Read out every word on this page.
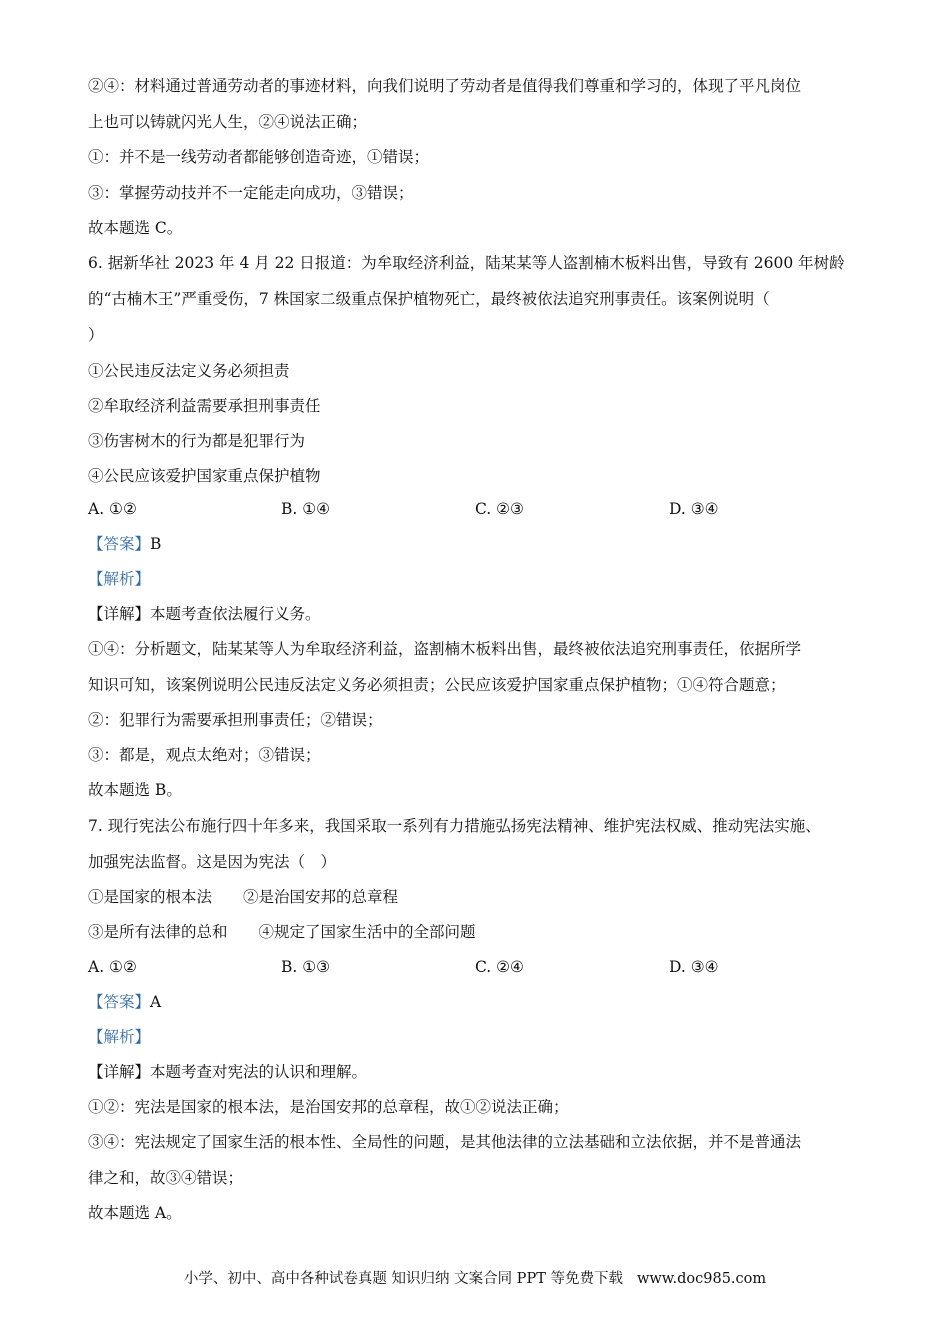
②④：材料通过普通劳动者的事迹材料，向我们说明了劳动者是值得我们尊重和学习的，体现了平凡岗位
上也可以铸就闪光人生，②④说法正确；
①：并不是一线劳动者都能够创造奇迹，①错误；
③：掌握劳动技并不一定能走向成功，③错误；
故本题选 C。
6. 据新华社 2023 年 4 月 22 日报道：为牟取经济利益，陆某某等人盗割楠木板料出售，导致有 2600 年树龄
的“古楠木王”严重受伤，7 株国家二级重点保护植物死亡，最终被依法追究刑事责任。该案例说明（
）
①公民违反法定义务必须担责
②牟取经济利益需要承担刑事责任
③伤害树木的行为都是犯罪行为
④公民应该爱护国家重点保护植物
A. ①②	B. ①④	C. ②③	D. ③④
【答案】B
【解析】
【详解】本题考查依法履行义务。
①④：分析题文，陆某某等人为牟取经济利益，盗割楠木板料出售，最终被依法追究刑事责任，依据所学
知识可知，该案例说明公民违反法定义务必须担责；公民应该爱护国家重点保护植物；①④符合题意；
②：犯罪行为需要承担刑事责任；②错误；
③：都是，观点太绝对；③错误；
故本题选 B。
7. 现行宪法公布施行四十年多来，我国采取一系列有力措施弘扬宪法精神、维护宪法权威、推动宪法实施、
加强宪法监督。这是因为宪法（　）
①是国家的根本法　　②是治国安邦的总章程
③是所有法律的总和　　④规定了国家生活中的全部问题
A. ①②	B. ①③	C. ②④	D. ③④
【答案】A
【解析】
【详解】本题考查对宪法的认识和理解。
①②：宪法是国家的根本法，是治国安邦的总章程，故①②说法正确；
③④：宪法规定了国家生活的根本性、全局性的问题，是其他法律的立法基础和立法依据，并不是普通法
律之和，故③④错误；
故本题选 A。
小学、初中、高中各种试卷真题 知识归纳 文案合同 PPT 等免费下载 www.doc985.com
